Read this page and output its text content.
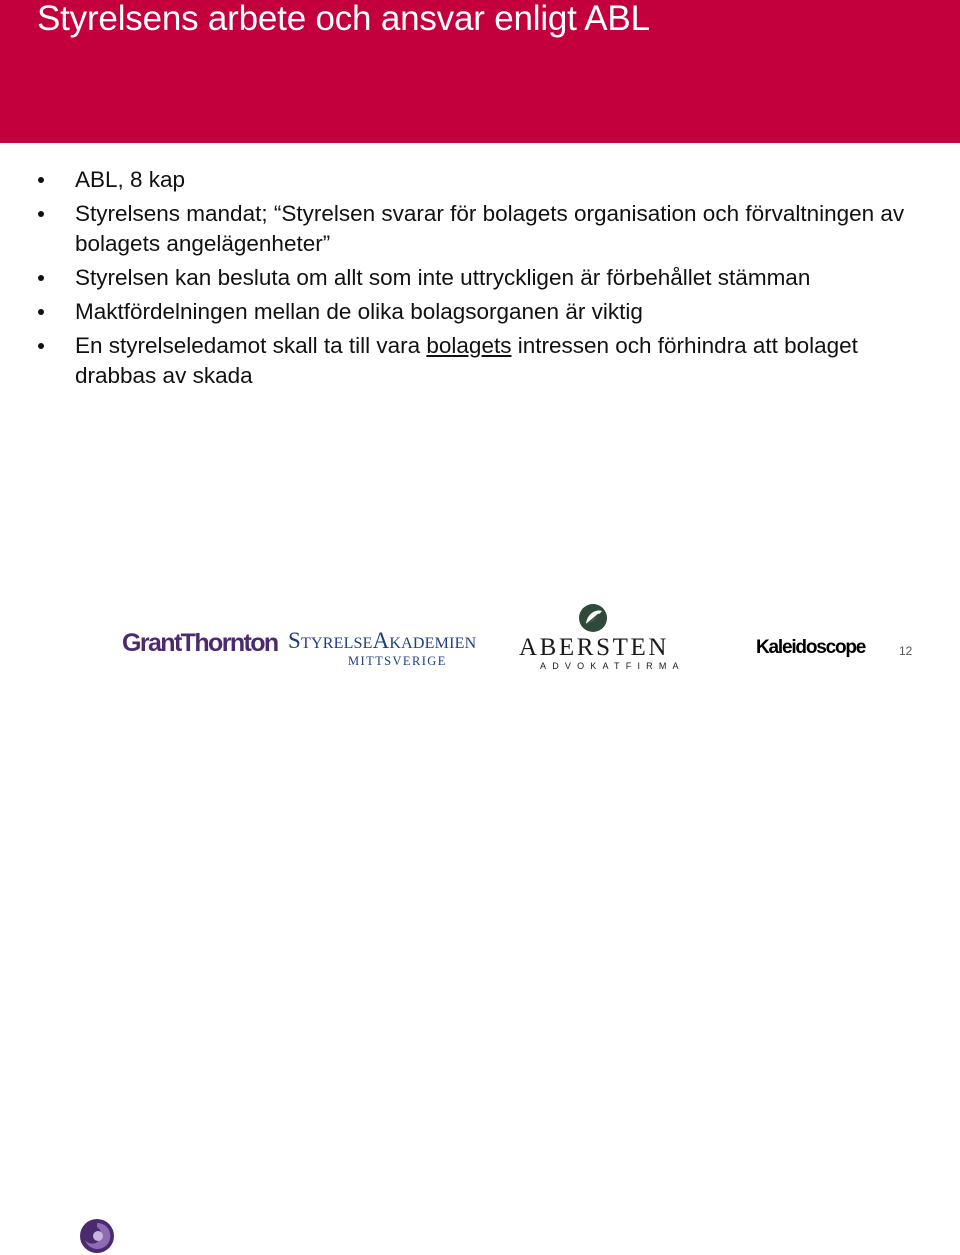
Styrelsens arbete och ansvar enligt ABL
ABL, 8 kap
Styrelsens mandat; “Styrelsen svarar för bolagets organisation och förvaltningen av bolagets angelägenheter”
Styrelsen kan besluta om allt som inte uttryckligen är förbehållet stämman
Maktfördelningen mellan de olika bolagsorganen är viktig
En styrelseledamot skall ta till vara bolagets intressen och förhindra att bolaget drabbas av skada
GrantThornton StyrelseAkademien
MITTSVERIGE	ABERSTEN
ADVOKATFIRMA
Kaleidoscope	12
